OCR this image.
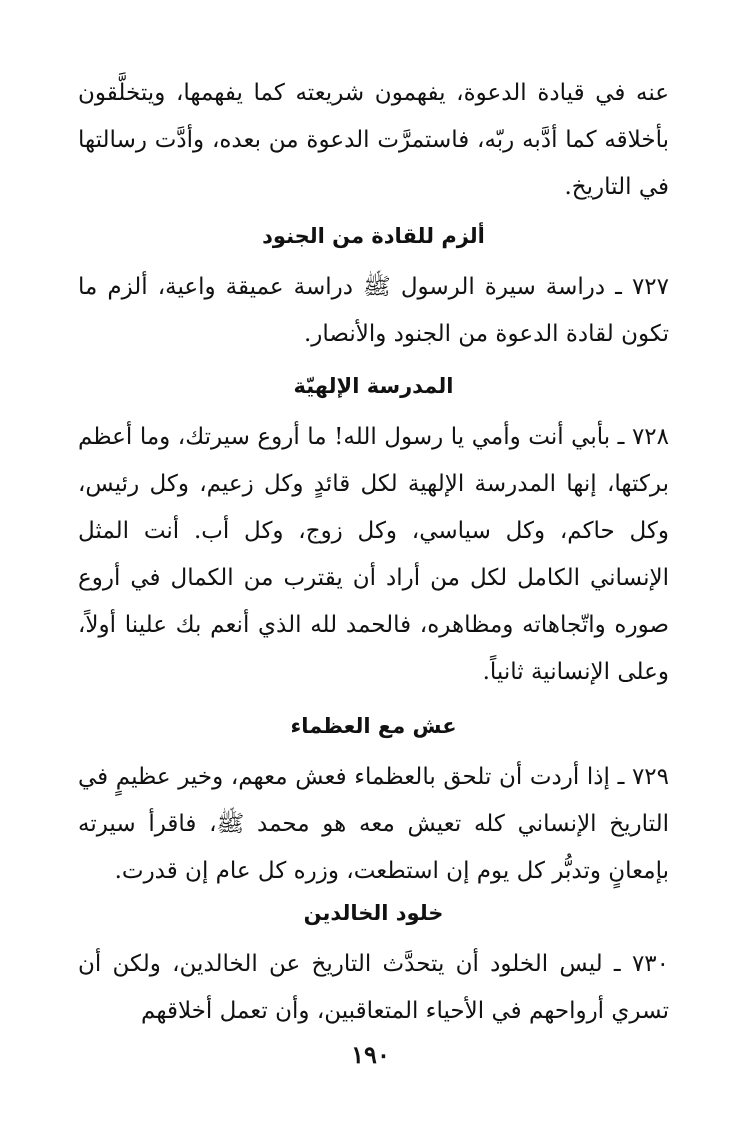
عنه في قيادة الدعوة، يفهمون شريعته كما يفهمها، ويتخلَّقون بأخلاقه كما أدَّبه ربّه، فاستمرَّت الدعوة من بعده، وأدَّت رسالتها في التاريخ.

ألزم للقادة من الجنود

٧٢٧ ـ دراسة سيرة الرسول ﷺ دراسة عميقة واعية، ألزم ما تكون لقادة الدعوة من الجنود والأنصار.

المدرسة الإلهيّة

٧٢٨ ـ بأبي أنت وأمي يا رسول الله! ما أروع سيرتك، وما أعظم بركتها، إنها المدرسة الإلهية لكل قائدٍ وكل زعيم، وكل رئيس، وكل حاكم، وكل سياسي، وكل زوج، وكل أب. أنت المثل الإنساني الكامل لكل من أراد أن يقترب من الكمال في أروع صوره واتّجاهاته ومظاهره، فالحمد لله الذي أنعم بك علينا أولاً، وعلى الإنسانية ثانياً.

عش مع العظماء

٧٢٩ ـ إذا أردت أن تلحق بالعظماء فعش معهم، وخير عظيمٍ في التاريخ الإنساني كله تعيش معه هو محمد ﷺ، فاقرأ سيرته بإمعانٍ وتدبُّر كل يوم إن استطعت، وزره كل عام إن قدرت.

خلود الخالدين

٧٣٠ ـ ليس الخلود أن يتحدَّث التاريخ عن الخالدين، ولكن أن تسري أرواحهم في الأحياء المتعاقبين، وأن تعمل أخلاقهم

١٩٠
